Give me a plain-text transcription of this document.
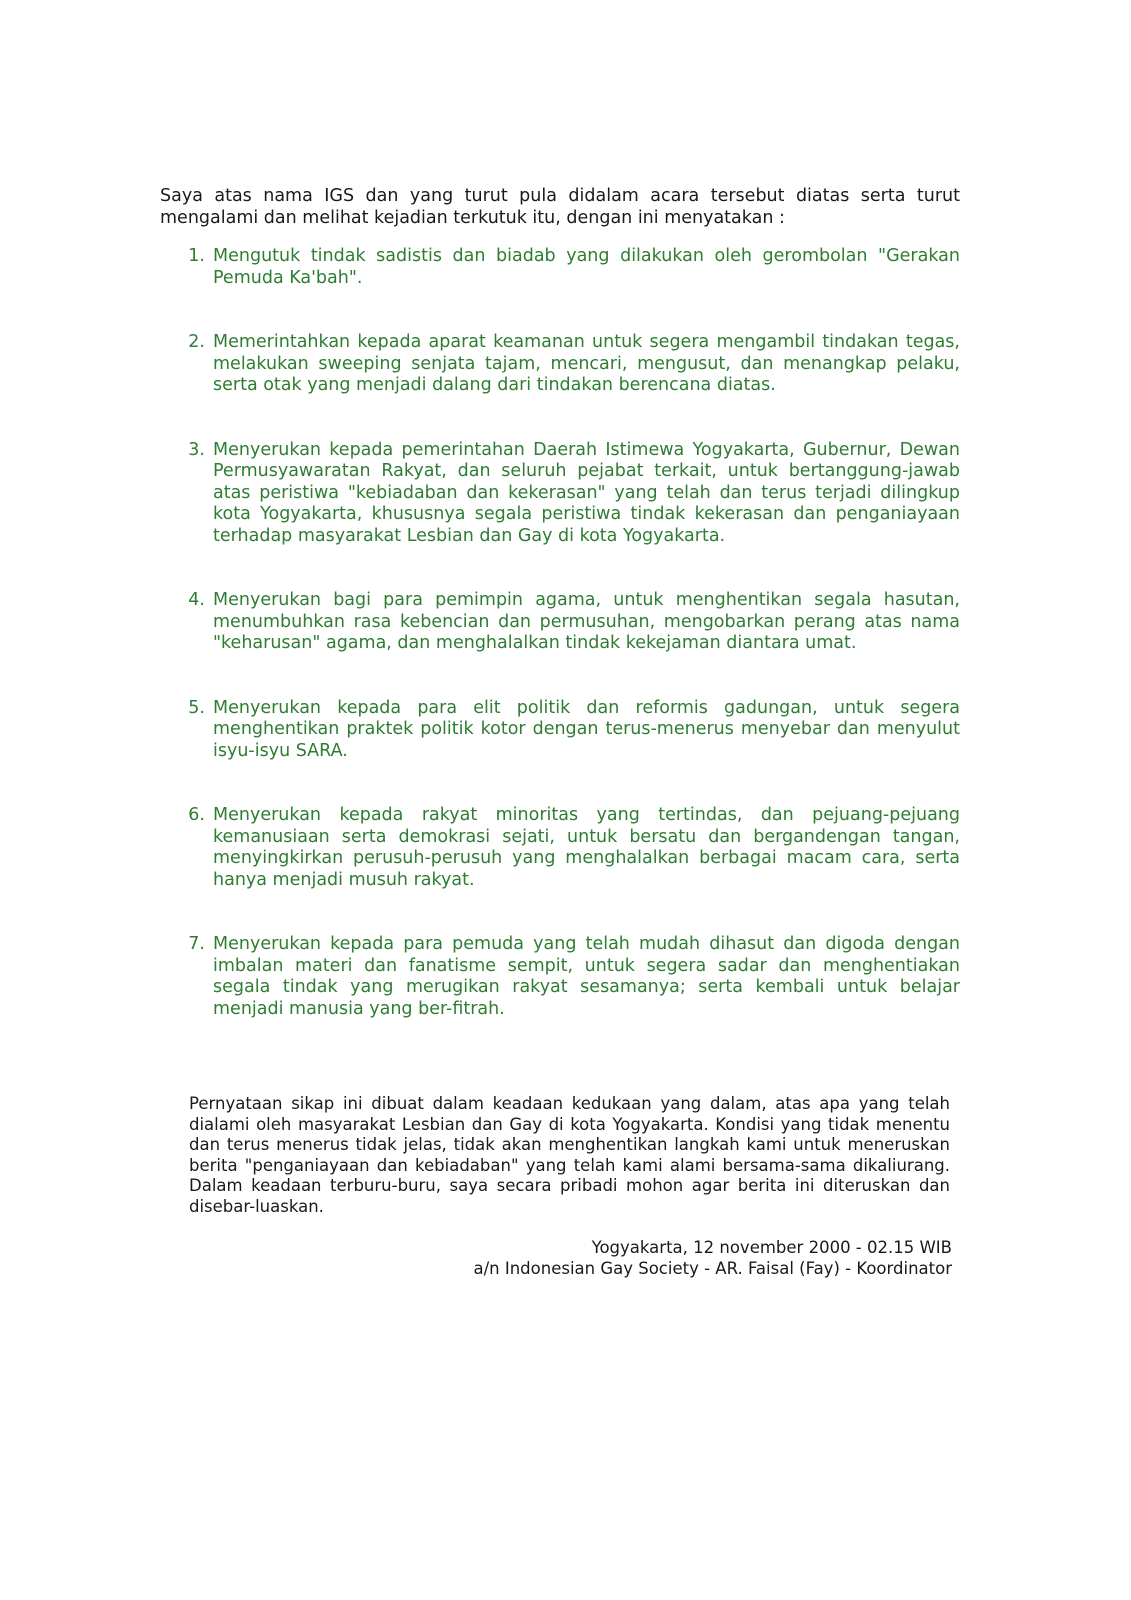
Saya atas nama IGS dan yang turut pula didalam acara tersebut diatas serta turut mengalami dan melihat kejadian terkutuk itu, dengan ini menyatakan :

1. Mengutuk tindak sadistis dan biadab yang dilakukan oleh gerombolan "Gerakan Pemuda Ka'bah".
2. Memerintahkan kepada aparat keamanan untuk segera mengambil tindakan tegas, melakukan sweeping senjata tajam, mencari, mengusut, dan menangkap pelaku, serta otak yang menjadi dalang dari tindakan berencana diatas.
3. Menyerukan kepada pemerintahan Daerah Istimewa Yogyakarta, Gubernur, Dewan Permusyawaratan Rakyat, dan seluruh pejabat terkait, untuk bertanggung-jawab atas peristiwa "kebiadaban dan kekerasan" yang telah dan terus terjadi dilingkup kota Yogyakarta, khususnya segala peristiwa tindak kekerasan dan penganiayaan terhadap masyarakat Lesbian dan Gay di kota Yogyakarta.
4. Menyerukan bagi para pemimpin agama, untuk menghentikan segala hasutan, menumbuhkan rasa kebencian dan permusuhan, mengobarkan perang atas nama "keharusan" agama, dan menghalalkan tindak kekejaman diantara umat.
5. Menyerukan kepada para elit politik dan reformis gadungan, untuk segera menghentikan praktek politik kotor dengan terus-menerus menyebar dan menyulut isyu-isyu SARA.
6. Menyerukan kepada rakyat minoritas yang tertindas, dan pejuang-pejuang kemanusiaan serta demokrasi sejati, untuk bersatu dan bergandengan tangan, menyingkirkan perusuh-perusuh yang menghalalkan berbagai macam cara, serta hanya menjadi musuh rakyat.
7. Menyerukan kepada para pemuda yang telah mudah dihasut dan digoda dengan imbalan materi dan fanatisme sempit, untuk segera sadar dan menghentiakan segala tindak yang merugikan rakyat sesamanya; serta kembali untuk belajar menjadi manusia yang ber-fitrah.

Pernyataan sikap ini dibuat dalam keadaan kedukaan yang dalam, atas apa yang telah dialami oleh masyarakat Lesbian dan Gay di kota Yogyakarta. Kondisi yang tidak menentu dan terus menerus tidak jelas, tidak akan menghentikan langkah kami untuk meneruskan berita "penganiayaan dan kebiadaban" yang telah kami alami bersama-sama dikaliurang. Dalam keadaan terburu-buru, saya secara pribadi mohon agar berita ini diteruskan dan disebar-luaskan.

Yogyakarta, 12 november 2000 - 02.15 WIB
a/n Indonesian Gay Society - AR. Faisal (Fay) - Koordinator
